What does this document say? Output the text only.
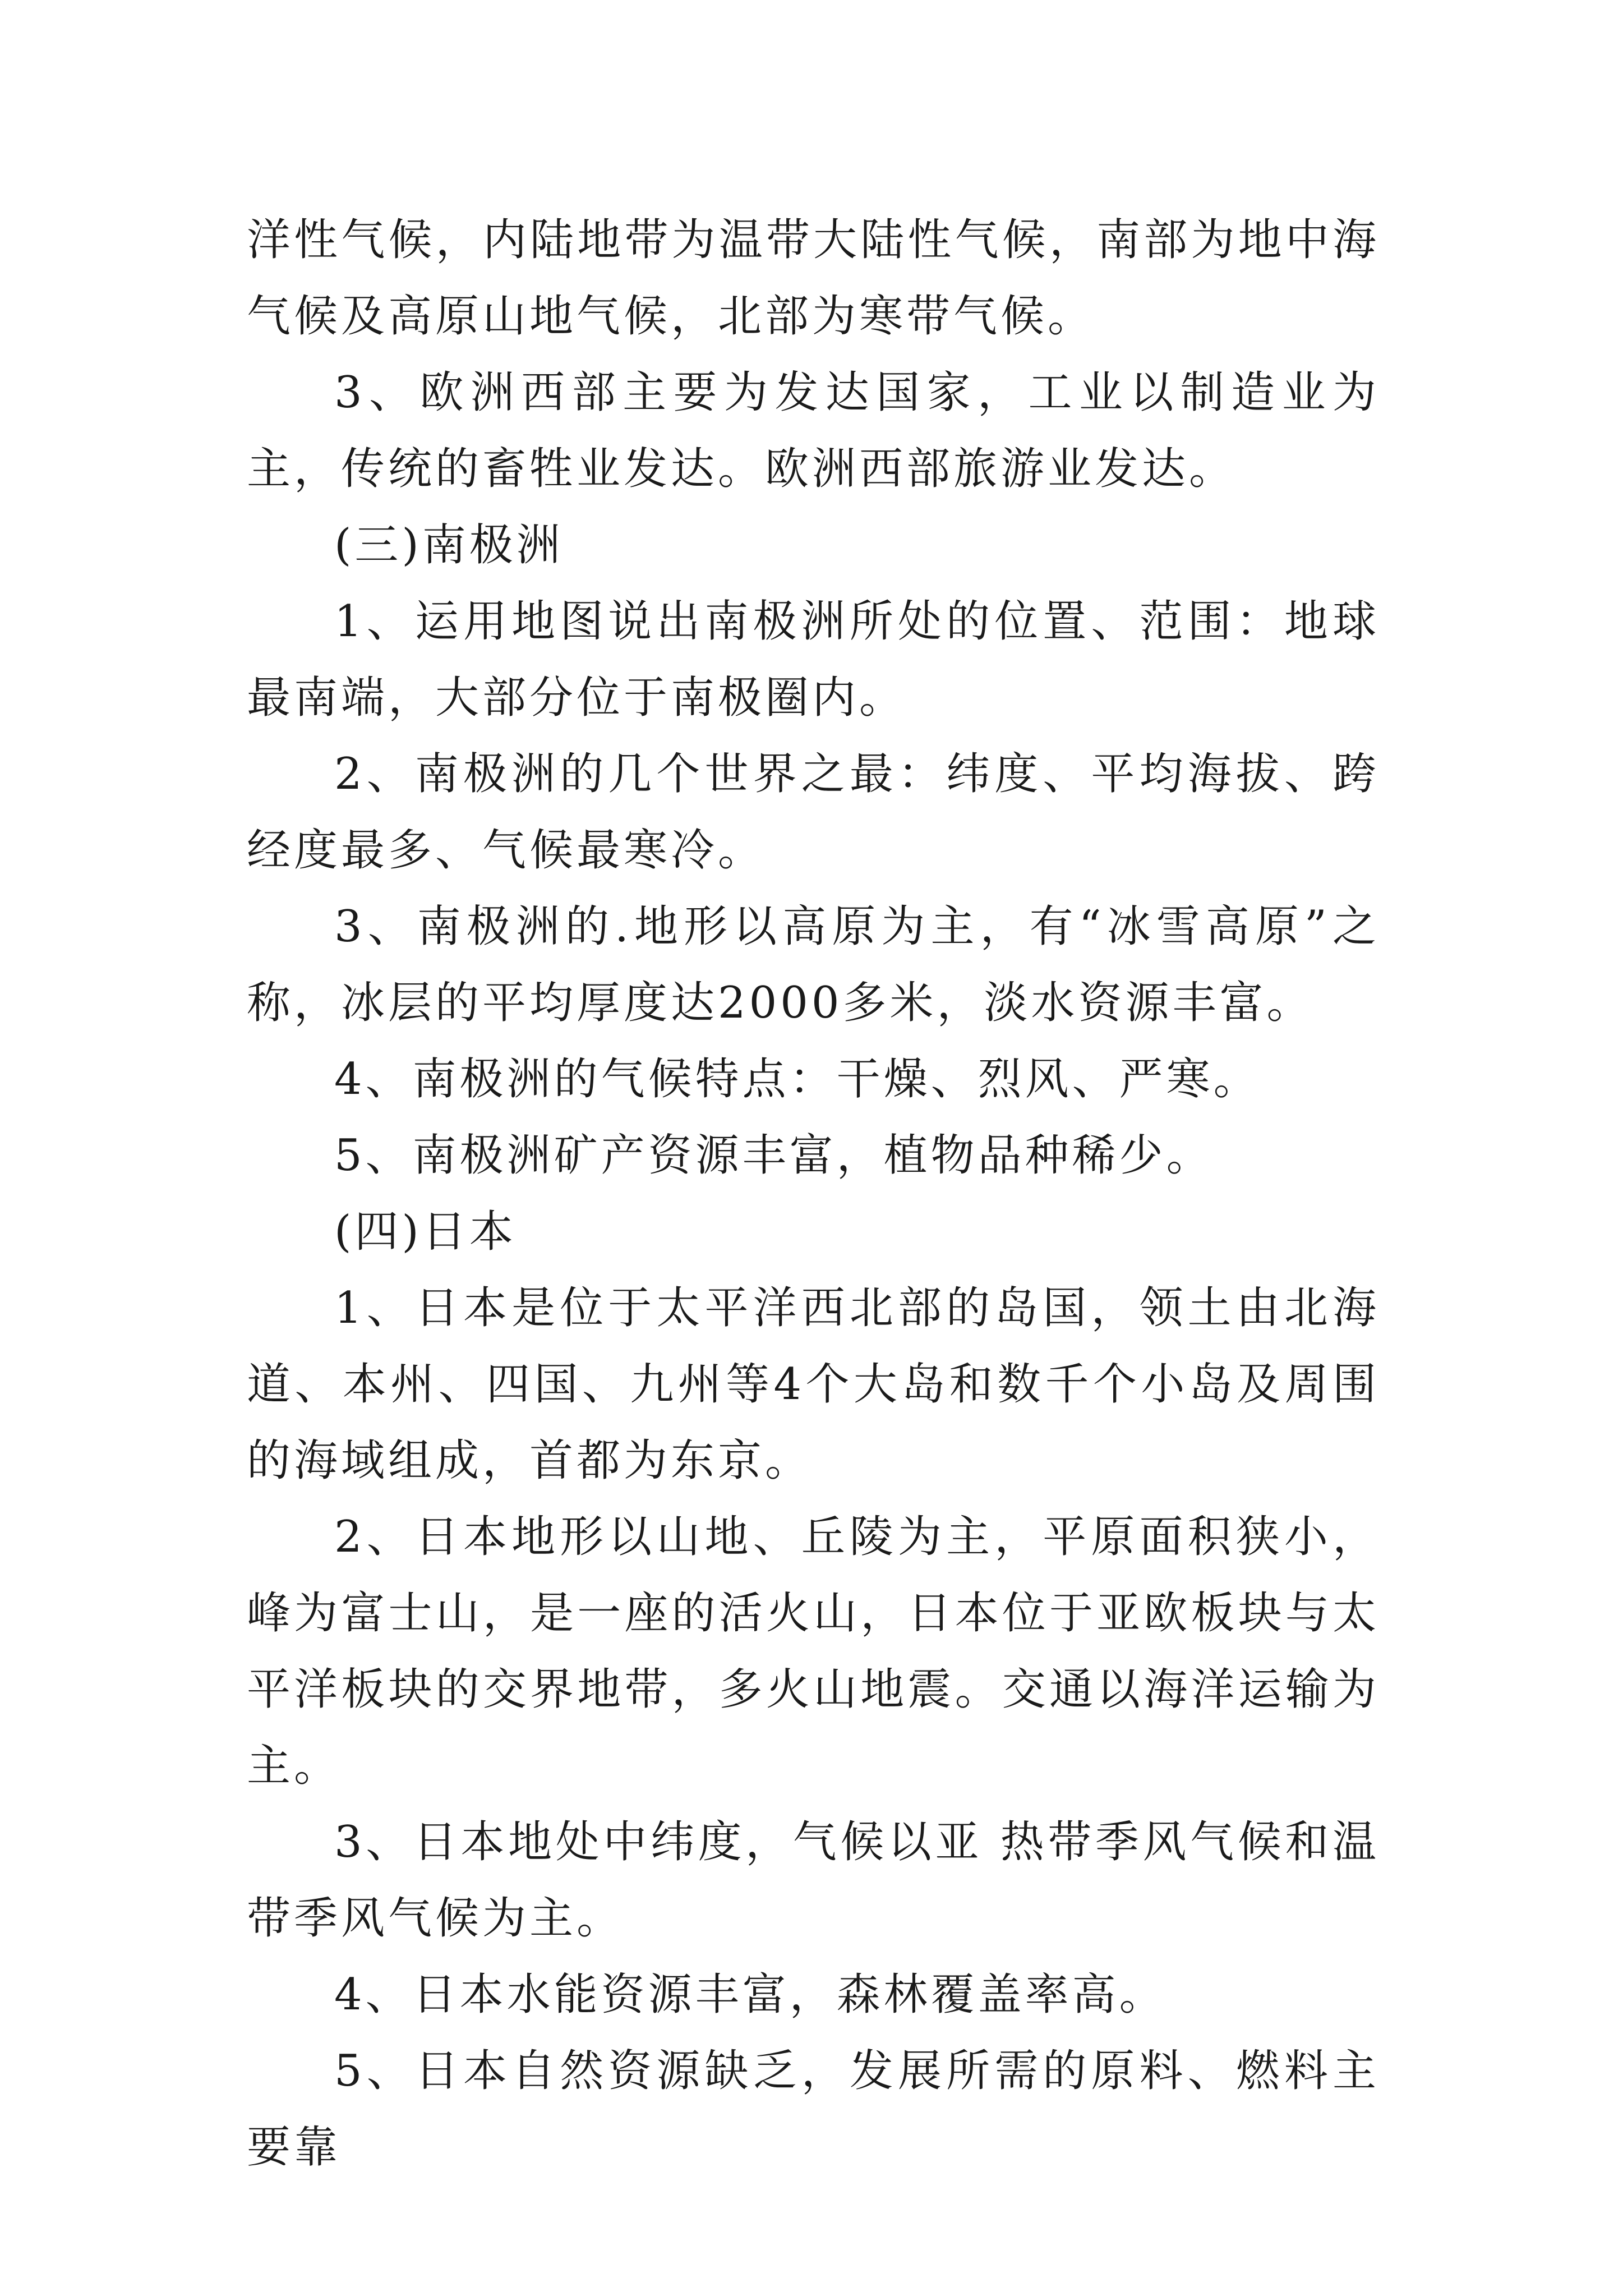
洋性气候，内陆地带为温带大陆性气候，南部为地中海气候及高原山地气候，北部为寒带气候。

3、欧洲西部主要为发达国家，工业以制造业为主，传统的畜牲业发达。欧洲西部旅游业发达。

(三)南极洲

1、运用地图说出南极洲所处的位置、范围：地球最南端，大部分位于南极圈内。

2、南极洲的几个世界之最：纬度、平均海拔、跨经度最多、气候最寒冷。

3、南极洲的.地形以高原为主，有“冰雪高原”之称，冰层的平均厚度达2000多米，淡水资源丰富。

4、南极洲的气候特点：干燥、烈风、严寒。

5、南极洲矿产资源丰富，植物品种稀少。

(四)日本

1、日本是位于太平洋西北部的岛国，领土由北海道、本州、四国、九州等4个大岛和数千个小岛及周围的海域组成，首都为东京。

2、日本地形以山地、丘陵为主，平原面积狭小，峰为富士山，是一座的活火山，日本位于亚欧板块与太平洋板块的交界地带，多火山地震。交通以海洋运输为主。

3、日本地处中纬度，气候以亚 热带季风气候和温带季风气候为主。

4、日本水能资源丰富，森林覆盖率高。

5、日本自然资源缺乏，发展所需的原料、燃料主要靠
